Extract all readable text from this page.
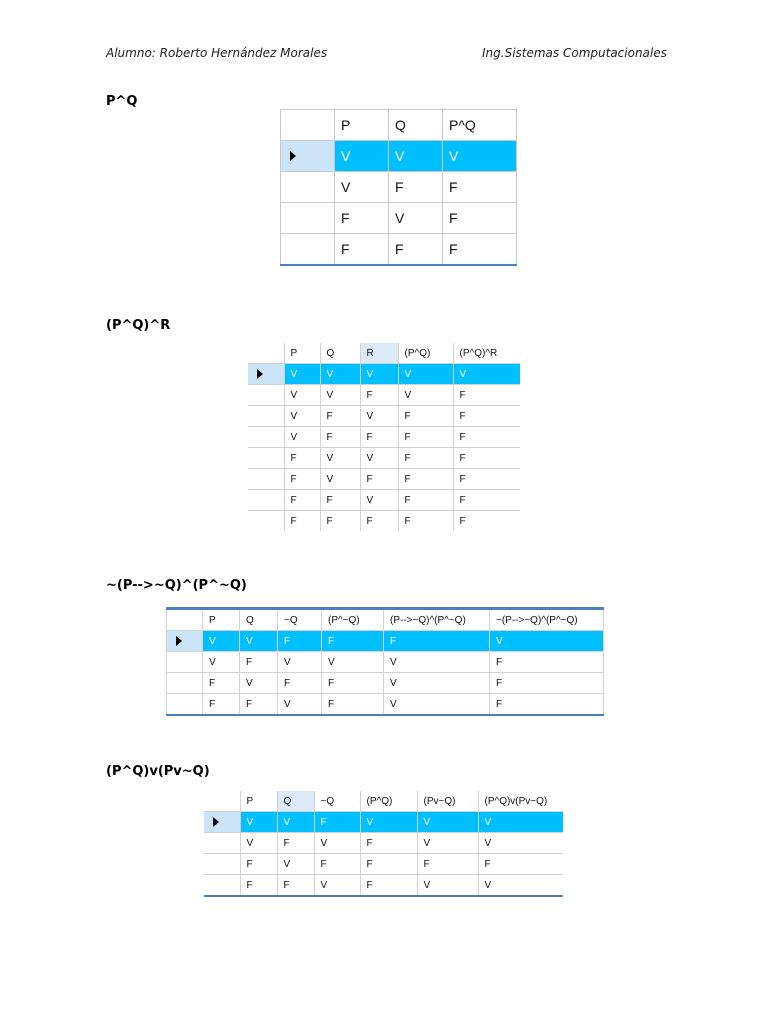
Alumno: Roberto Hernández Morales	Ing.Sistemas Computacionales
P^Q
	P	Q	P^Q

	V	V	V
	V	F	F
	F	V	F
	F	F	F
(P^Q)^R
	P	Q	R	(P^Q)	(P^Q)^R

	V	V	V	V	V
	V	V	F	V	F
	V	F	V	F	F
	V	F	F	F	F
	F	V	V	F	F
	F	V	F	F	F
	F	F	V	F	F
	F	F	F	F	F
~(P-->~Q)^(P^~Q)
	P	Q	~Q	(P^~Q)	(P-->~Q)^(P^~Q)	~(P-->~Q)^(P^~Q)

	V	V	F	F	F	V
	V	F	V	V	V	F
	F	V	F	F	V	F
	F	F	V	F	V	F
(P^Q)v(Pv~Q)
	P	Q	~Q	(P^Q)	(Pv~Q)	(P^Q)v(Pv~Q)

	V	V	F	V	V	V
	V	F	V	F	V	V
	F	V	F	F	F	F
	F	F	V	F	V	V
